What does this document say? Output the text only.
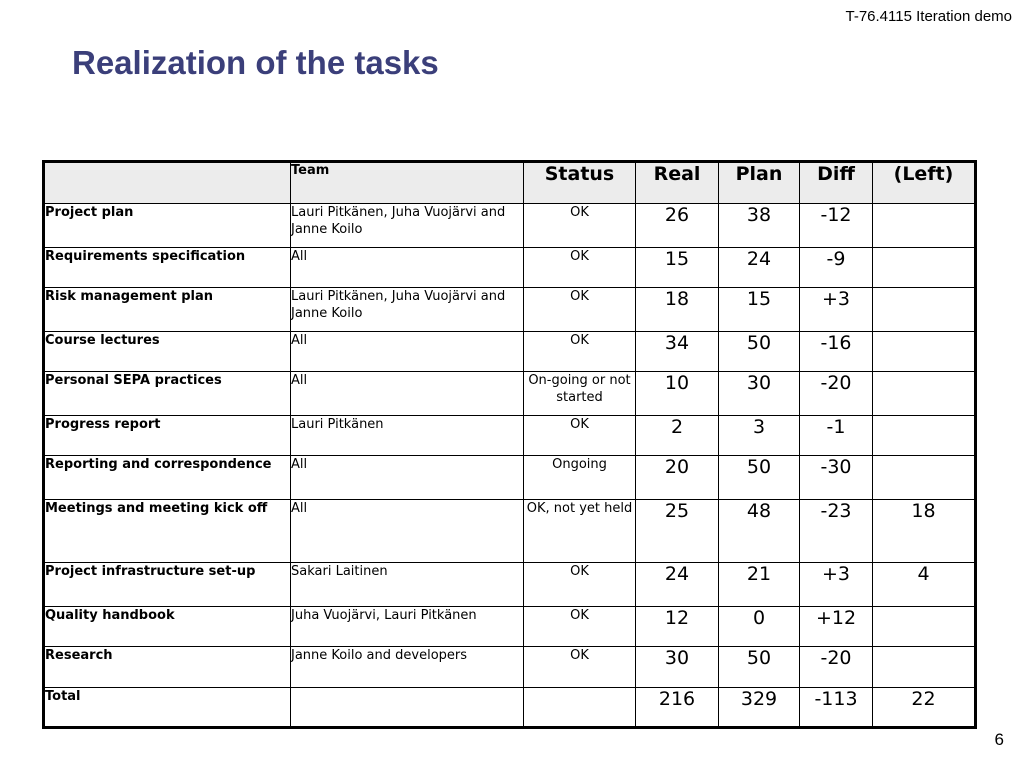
T-76.4115 Iteration demo
Realization of the tasks
	Team	Status	Real	Plan	Diff	(Left)
Project plan	Lauri Pitkänen, Juha Vuojärvi and Janne Koilo	OK	26	38	-12	
Requirements specification	All	OK	15	24	-9	
Risk management plan	Lauri Pitkänen, Juha Vuojärvi and Janne Koilo	OK	18	15	+3	
Course lectures	All	OK	34	50	-16	
Personal SEPA practices	All	On-going or not started	10	30	-20	
Progress report	Lauri Pitkänen	OK	2	3	-1	
Reporting and correspondence	All	Ongoing	20	50	-30	
Meetings and meeting kick off	All	OK, not yet held	25	48	-23	18
Project infrastructure set-up	Sakari Laitinen	OK	24	21	+3	4
Quality handbook	Juha Vuojärvi, Lauri Pitkänen	OK	12	0	+12	
Research	Janne Koilo and developers	OK	30	50	-20	
Total			216	329	-113	22
6
